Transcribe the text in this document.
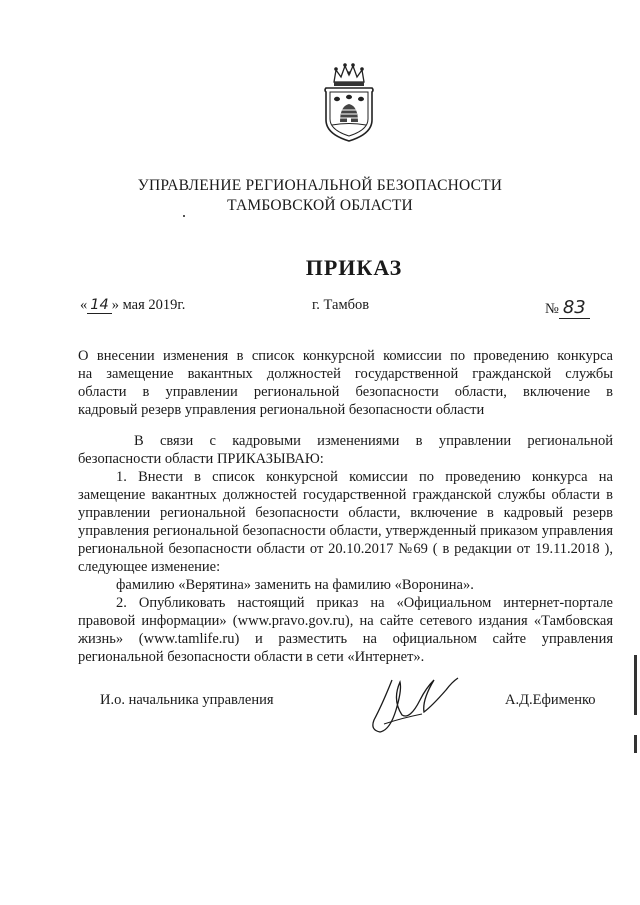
УПРАВЛЕНИЕ РЕГИОНАЛЬНОЙ БЕЗОПАСНОСТИ
ТАМБОВСКОЙ ОБЛАСТИ
ПРИКАЗ
« 14 » мая 2019г.	г. Тамбов	№ 83

О внесении изменения в список конкурсной комиссии по проведению конкурса

на замещение вакантных должностей государственной гражданской службы

области в управлении региональной безопасности области, включение в

кадровый резерв управления региональной безопасности области

В связи с кадровыми изменениями в управлении региональной

безопасности области ПРИКАЗЫВАЮ:

1. Внести в список конкурсной комиссии по проведению конкурса на замещение вакантных должностей государственной гражданской службы области в управлении региональной безопасности области, включение в кадровый резерв управления региональной безопасности области, утвержденный приказом управления региональной безопасности области от 20.10.2017 №69 ( в редакции от 19.11.2018 ), следующее изменение:

фамилию «Верятина» заменить на фамилию «Воронина».

2. Опубликовать настоящий приказ на «Официальном интернет-портале правовой информации» (www.pravo.gov.ru), на сайте сетевого издания «Тамбовская жизнь» (www.tamlife.ru) и разместить на официальном сайте управления региональной безопасности области в сети «Интернет».

И.о. начальника управления	А.Д.Ефименко
